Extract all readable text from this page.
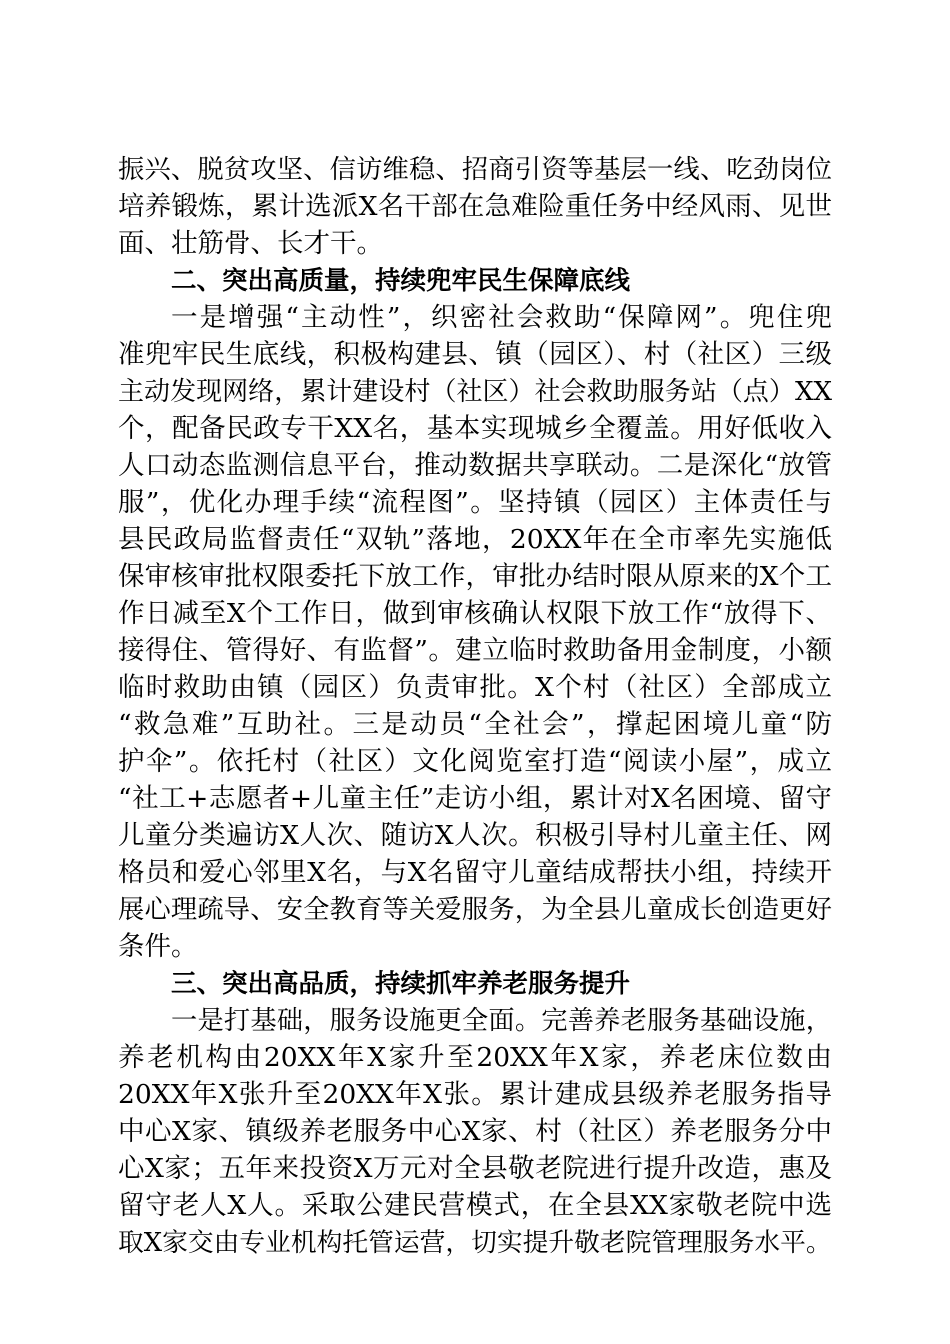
振兴、脱贫攻坚、信访维稳、招商引资等基层一线、吃劲岗位
培养锻炼，累计选派X名干部在急难险重任务中经风雨、见世
面、壮筋骨、长才干。
二、突出高质量，持续兜牢民生保障底线
一是增强“主动性”，织密社会救助“保障网”。兜住兜
准兜牢民生底线，积极构建县、镇（园区）、村（社区）三级
主动发现网络，累计建设村（社区）社会救助服务站（点）XX
个，配备民政专干XX名，基本实现城乡全覆盖。用好低收入
人口动态监测信息平台，推动数据共享联动。二是深化“放管
服”，优化办理手续“流程图”。坚持镇（园区）主体责任与
县民政局监督责任“双轨”落地，20XX年在全市率先实施低
保审核审批权限委托下放工作，审批办结时限从原来的X个工
作日减至X个工作日，做到审核确认权限下放工作“放得下、
接得住、管得好、有监督”。建立临时救助备用金制度，小额
临时救助由镇（园区）负责审批。X个村（社区）全部成立
“救急难”互助社。三是动员“全社会”，撑起困境儿童“防
护伞”。依托村（社区）文化阅览室打造“阅读小屋”，成立
“社工+志愿者+儿童主任”走访小组，累计对X名困境、留守
儿童分类遍访X人次、随访X人次。积极引导村儿童主任、网
格员和爱心邻里X名，与X名留守儿童结成帮扶小组，持续开
展心理疏导、安全教育等关爱服务，为全县儿童成长创造更好
条件。
三、突出高品质，持续抓牢养老服务提升
一是打基础，服务设施更全面。完善养老服务基础设施，
养老机构由20XX年X家升至20XX年X家，养老床位数由
20XX年X张升至20XX年X张。累计建成县级养老服务指导
中心X家、镇级养老服务中心X家、村（社区）养老服务分中
心X家；五年来投资X万元对全县敬老院进行提升改造，惠及
留守老人X人。采取公建民营模式，在全县XX家敬老院中选
取X家交由专业机构托管运营，切实提升敬老院管理服务水平。
